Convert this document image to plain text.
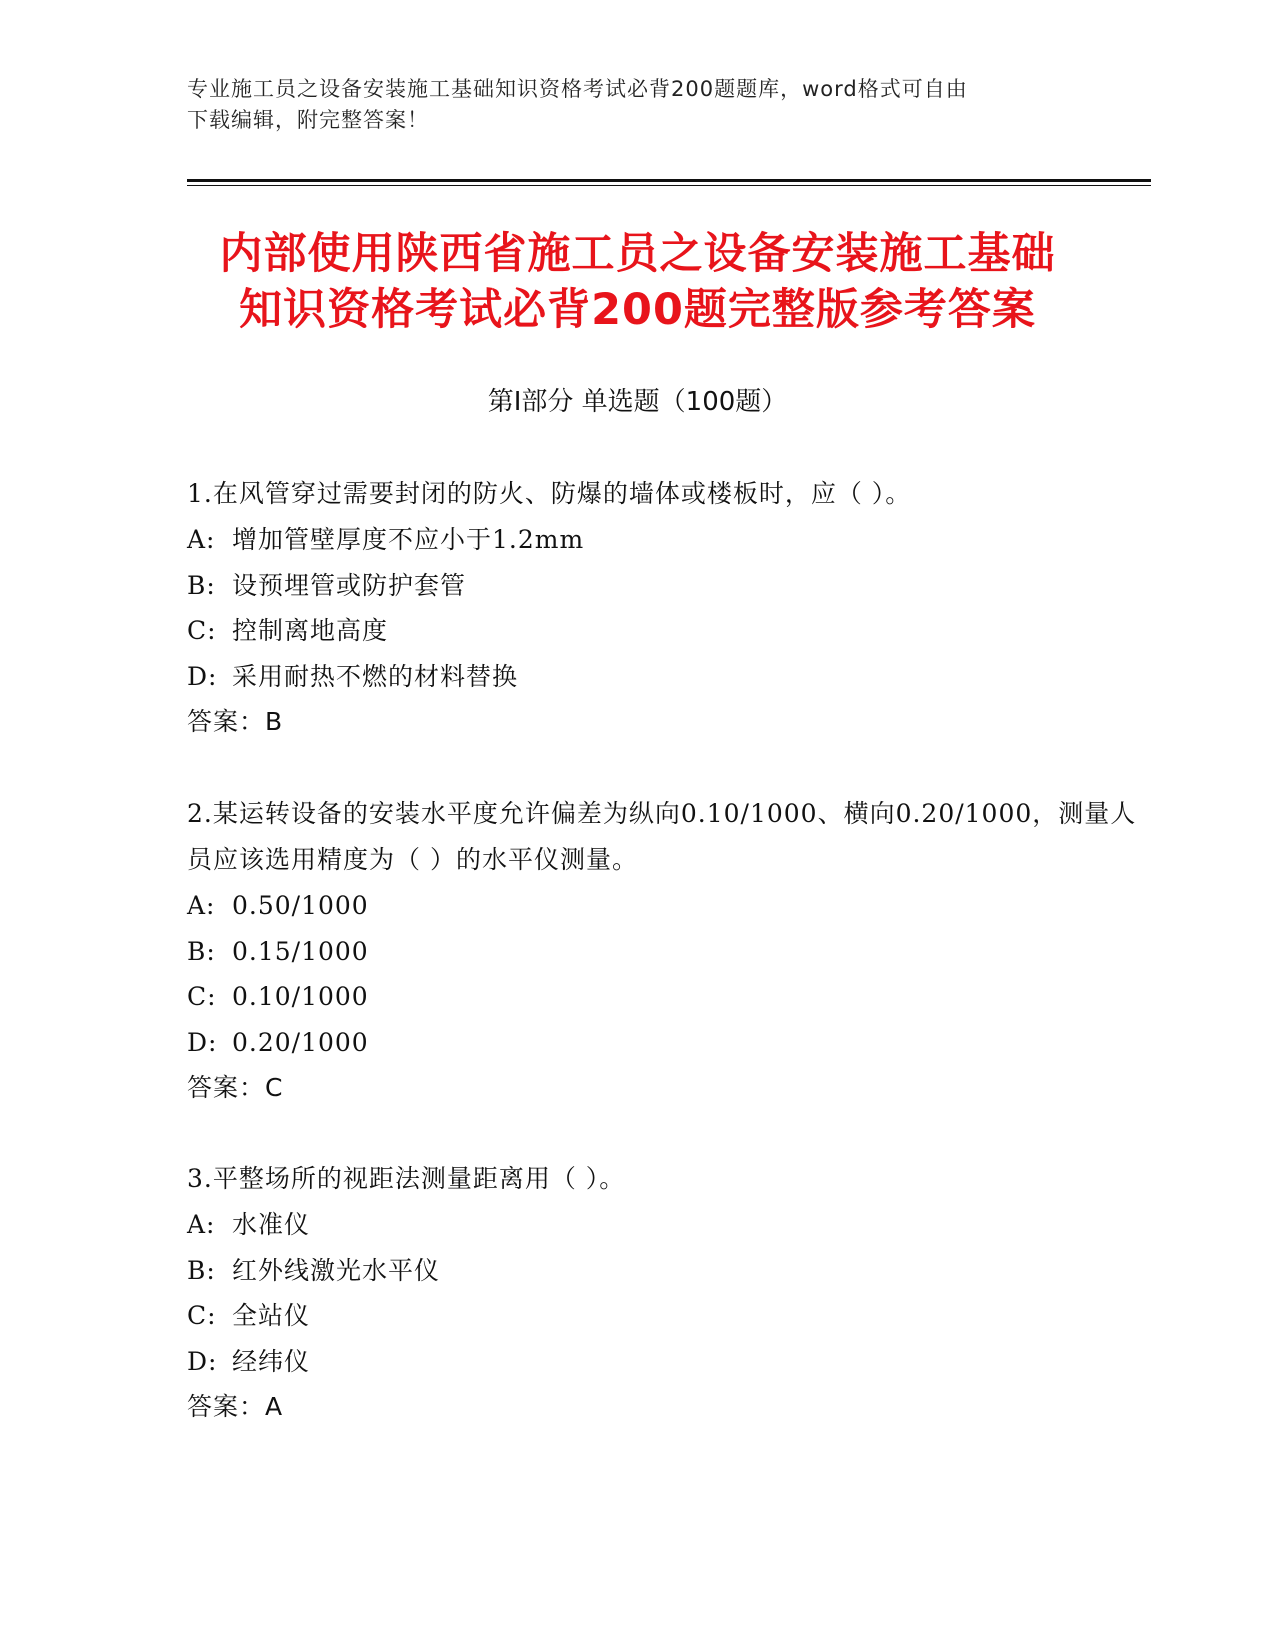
专业施工员之设备安装施工基础知识资格考试必背200题题库，word格式可自由
下载编辑，附完整答案！
内部使用陕西省施工员之设备安装施工基础
知识资格考试必背200题完整版参考答案
第Ⅰ部分 单选题（100题）
1.在风管穿过需要封闭的防火、防爆的墙体或楼板时，应（ ）。
A: 增加管壁厚度不应小于1.2mm
B: 设预埋管或防护套管
C: 控制离地高度
D: 采用耐热不燃的材料替换
答案：B
2.某运转设备的安装水平度允许偏差为纵向0.10/1000、横向0.20/1000，测量人员应该选用精度为（ ）的水平仪测量。
A: 0.50/1000
B: 0.15/1000
C: 0.10/1000
D: 0.20/1000
答案：C
3.平整场所的视距法测量距离用（ ）。
A: 水准仪
B: 红外线激光水平仪
C: 全站仪
D: 经纬仪
答案：A
